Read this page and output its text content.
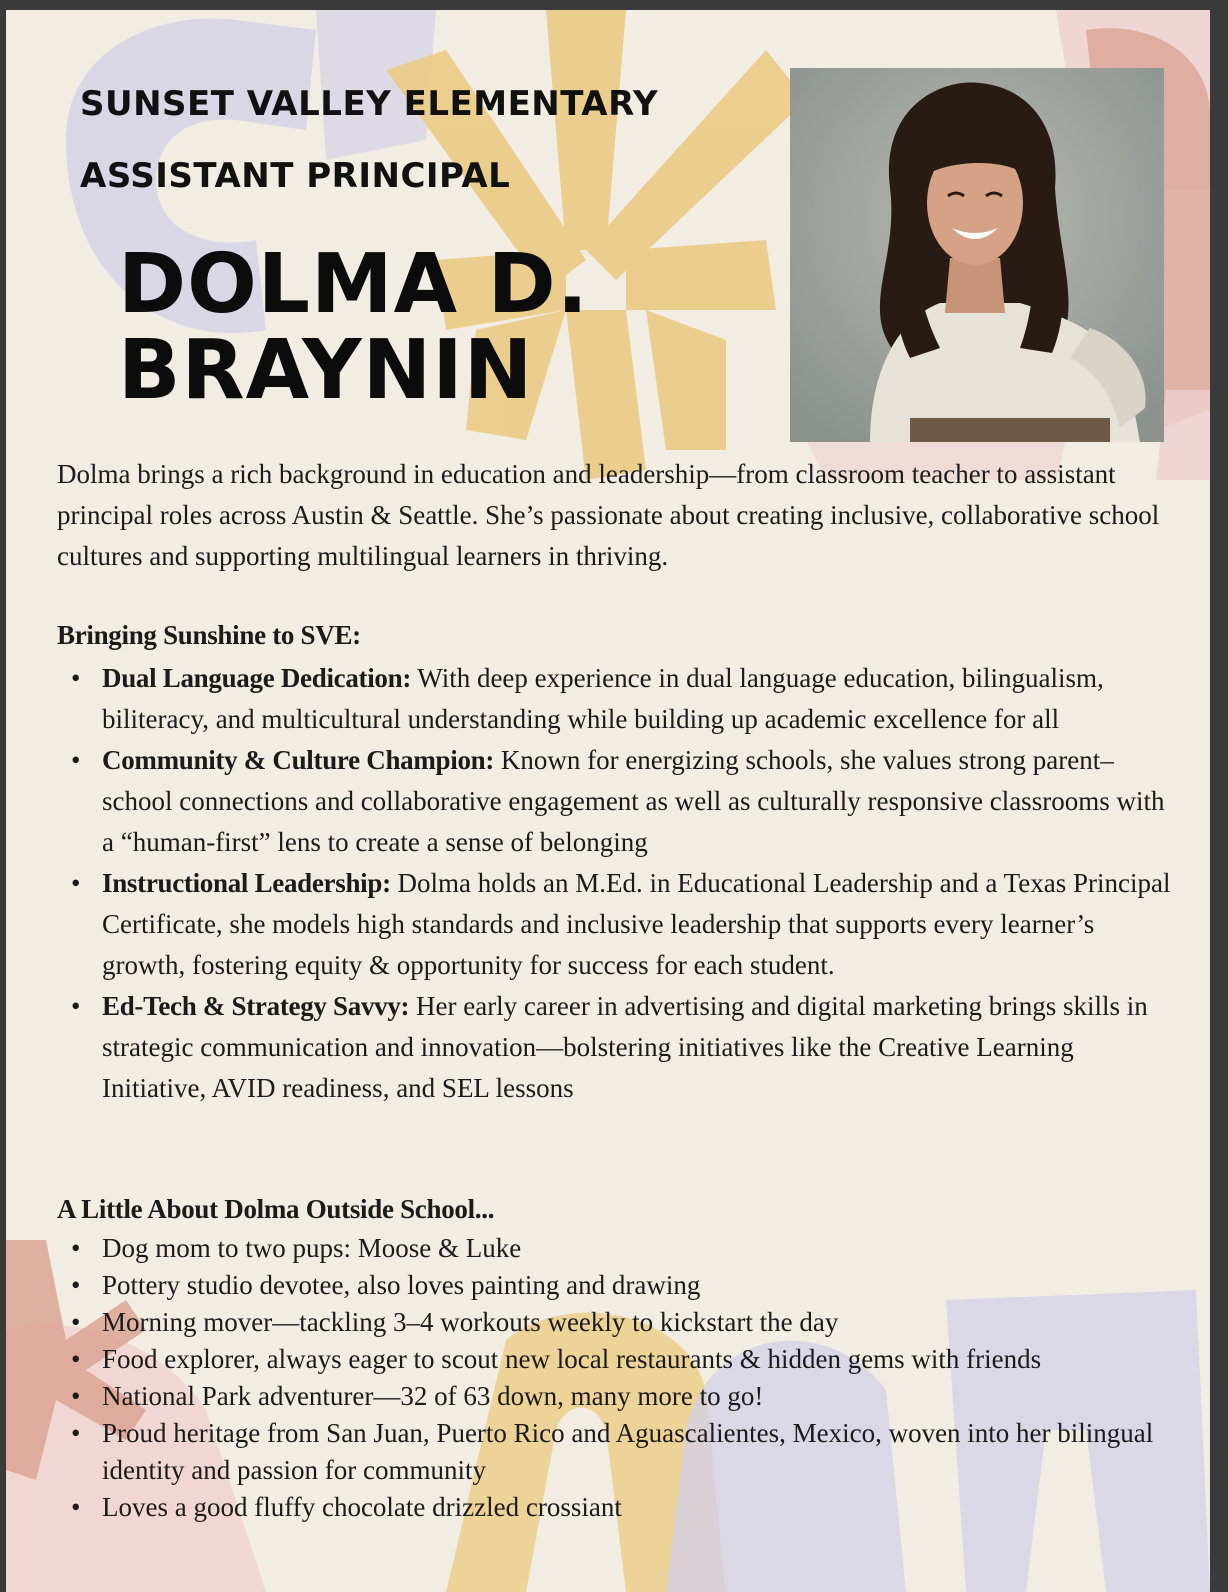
SUNSET VALLEY ELEMENTARY
ASSISTANT PRINCIPAL
DOLMA D. BRAYNIN

Dolma brings a rich background in education and leadership—from classroom teacher to assistant principal roles across Austin & Seattle. She’s passionate about creating inclusive, collaborative school cultures and supporting multilingual learners in thriving.

Bringing Sunshine to SVE:
• Dual Language Dedication: With deep experience in dual language education, bilingualism, biliteracy, and multicultural understanding while building up academic excellence for all
• Community & Culture Champion: Known for energizing schools, she values strong parent–school connections and collaborative engagement as well as culturally responsive classrooms with a “human-first” lens to create a sense of belonging
• Instructional Leadership: Dolma holds an M.Ed. in Educational Leadership and a Texas Principal Certificate, she models high standards and inclusive leadership that supports every learner’s growth, fostering equity & opportunity for success for each student.
• Ed-Tech & Strategy Savvy: Her early career in advertising and digital marketing brings skills in strategic communication and innovation—bolstering initiatives like the Creative Learning Initiative, AVID readiness, and SEL lessons
A Little About Dolma Outside School...
• Dog mom to two pups: Moose & Luke
• Pottery studio devotee, also loves painting and drawing
• Morning mover—tackling 3–4 workouts weekly to kickstart the day
• Food explorer, always eager to scout new local restaurants & hidden gems with friends
• National Park adventurer—32 of 63 down, many more to go!
• Proud heritage from San Juan, Puerto Rico and Aguascalientes, Mexico, woven into her bilingual identity and passion for community
• Loves a good fluffy chocolate drizzled crossiant
